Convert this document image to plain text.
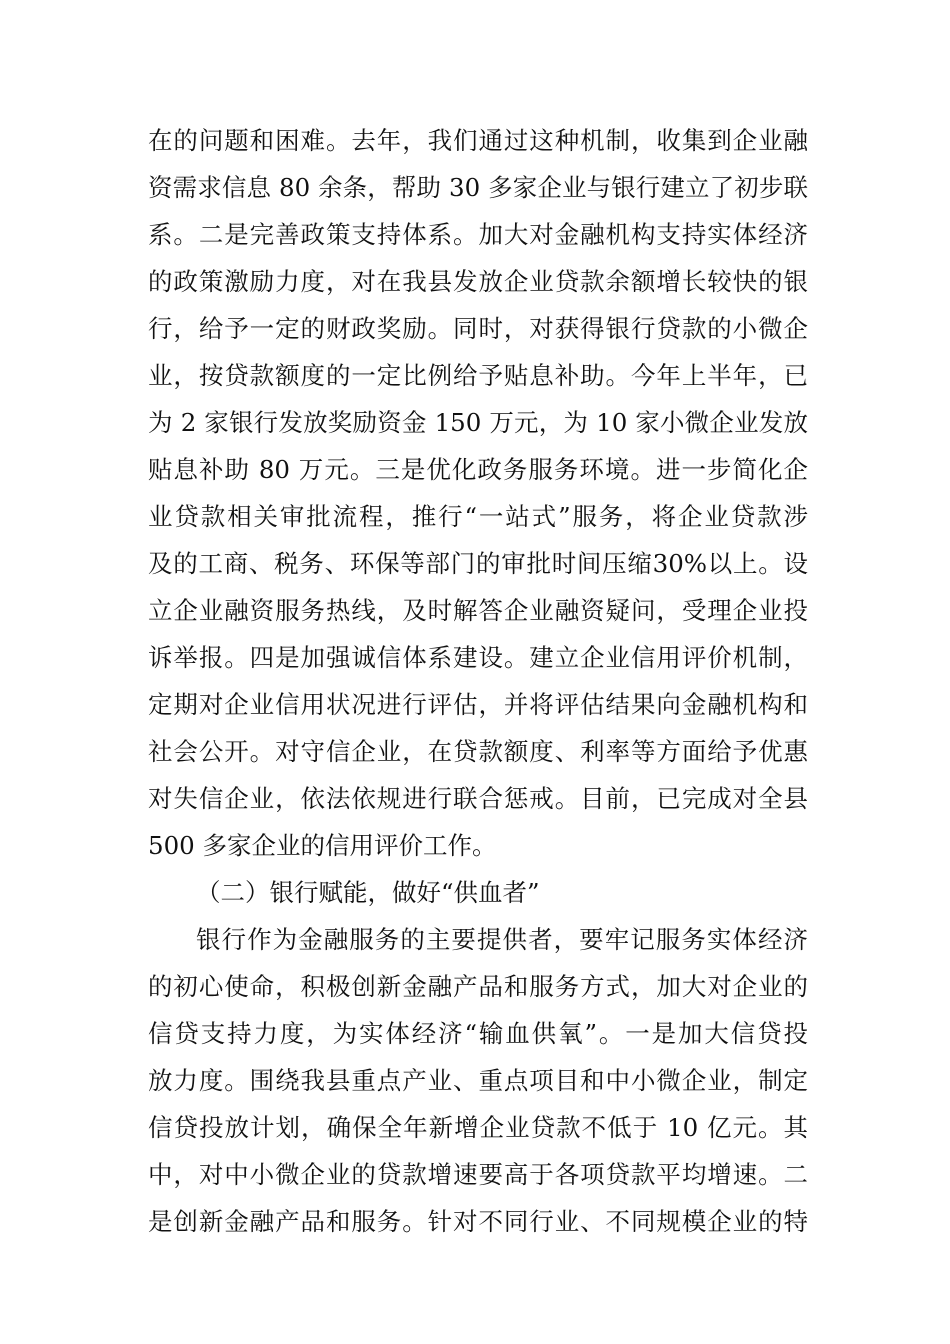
在的问题和困难。去年，我们通过这种机制，收集到企业融
资需求信息 80 余条，帮助 30 多家企业与银行建立了初步联
系。二是完善政策支持体系。加大对金融机构支持实体经济
的政策激励力度，对在我县发放企业贷款余额增长较快的银
行，给予一定的财政奖励。同时，对获得银行贷款的小微企
业，按贷款额度的一定比例给予贴息补助。今年上半年，已
为 2 家银行发放奖励资金 150 万元，为 10 家小微企业发放
贴息补助 80 万元。三是优化政务服务环境。进一步简化企
业贷款相关审批流程，推行“一站式”服务，将企业贷款涉
及的工商、税务、环保等部门的审批时间压缩30%以上。设
立企业融资服务热线，及时解答企业融资疑问，受理企业投
诉举报。四是加强诚信体系建设。建立企业信用评价机制，
定期对企业信用状况进行评估，并将评估结果向金融机构和
社会公开。对守信企业，在贷款额度、利率等方面给予优惠
对失信企业，依法依规进行联合惩戒。目前，已完成对全县
500 多家企业的信用评价工作。
（二）银行赋能，做好“供血者”
银行作为金融服务的主要提供者，要牢记服务实体经济
的初心使命，积极创新金融产品和服务方式，加大对企业的
信贷支持力度，为实体经济“输血供氧”。一是加大信贷投
放力度。围绕我县重点产业、重点项目和中小微企业，制定
信贷投放计划，确保全年新增企业贷款不低于 10 亿元。其
中，对中小微企业的贷款增速要高于各项贷款平均增速。二
是创新金融产品和服务。针对不同行业、不同规模企业的特
